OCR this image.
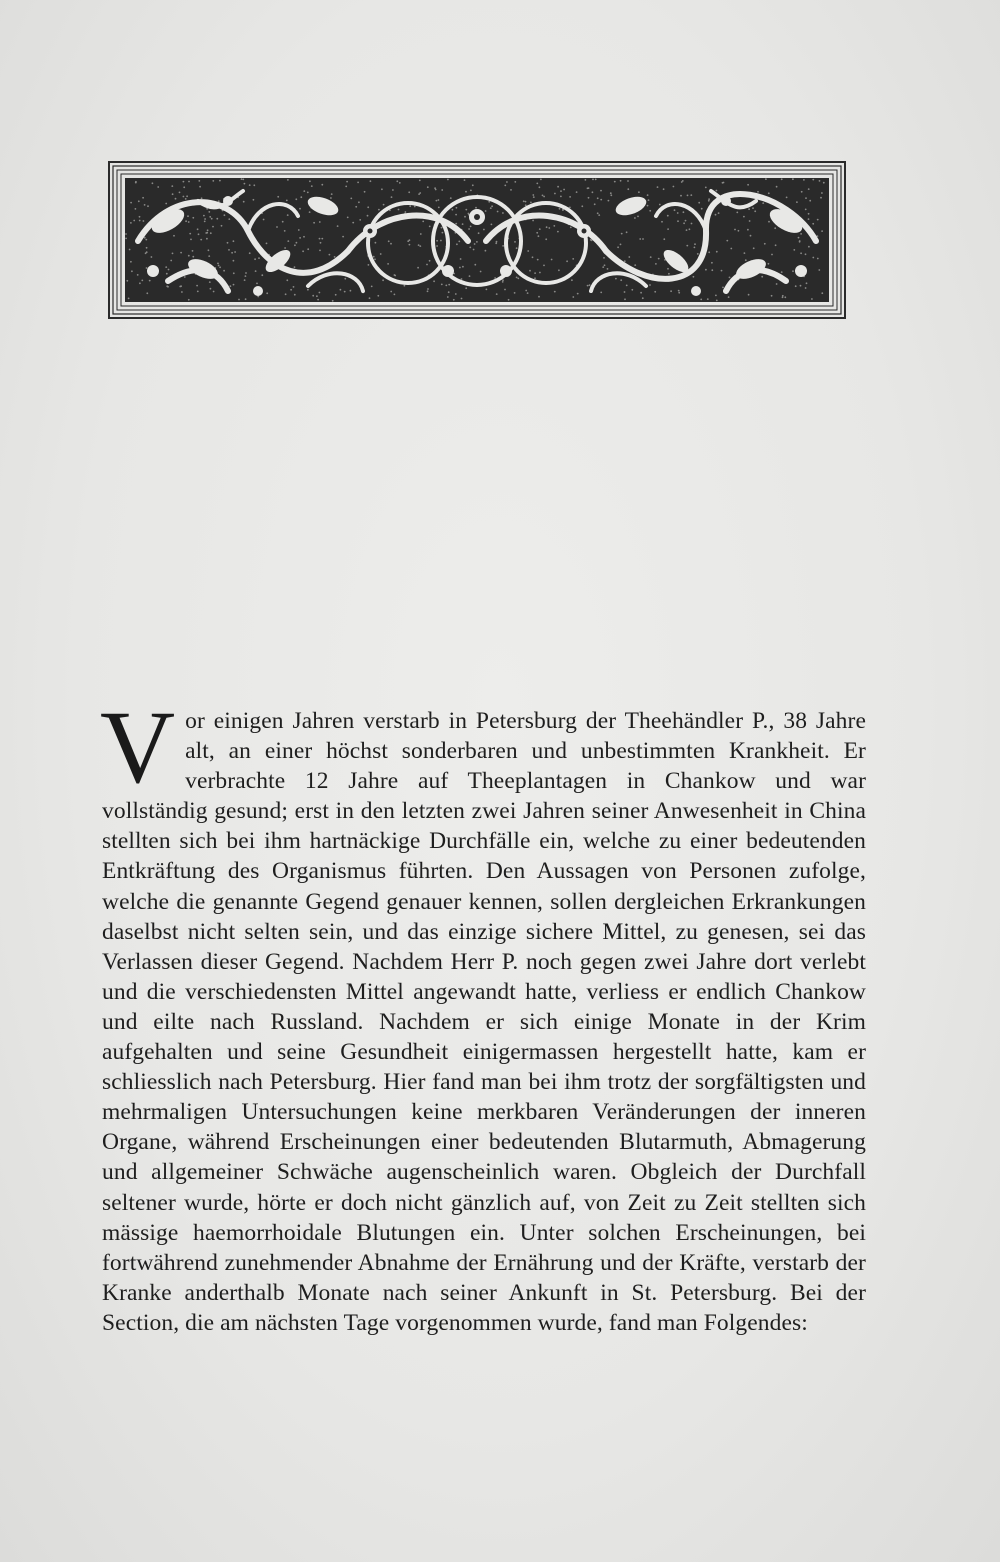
V or einigen Jahren verstarb in Petersburg der Theehändler P., 38 Jahre alt, an einer höchst sonderbaren und unbestimmten Krankheit. Er verbrachte 12 Jahre auf Theeplantagen in Chankow und war vollständig gesund; erst in den letzten zwei Jahren seiner Anwesenheit in China stellten sich bei ihm hartnäckige Durchfälle ein, welche zu einer bedeutenden Entkräftung des Organismus führten. Den Aussagen von Personen zufolge, welche die genannte Gegend genauer kennen, sollen dergleichen Erkrankungen daselbst nicht selten sein, und das einzige sichere Mittel, zu genesen, sei das Verlassen dieser Gegend. Nachdem Herr P. noch gegen zwei Jahre dort verlebt und die verschiedensten Mittel angewandt hatte, verliess er endlich Chankow und eilte nach Russland. Nachdem er sich einige Monate in der Krim aufgehalten und seine Gesundheit einigermassen hergestellt hatte, kam er schliesslich nach Petersburg. Hier fand man bei ihm trotz der sorgfältigsten und mehrmaligen Untersuchungen keine merkbaren Veränderungen der inneren Organe, während Erscheinungen einer bedeutenden Blutarmuth, Abmagerung und allgemeiner Schwäche augenscheinlich waren. Obgleich der Durchfall seltener wurde, hörte er doch nicht gänzlich auf, von Zeit zu Zeit stellten sich mässige haemorrhoidale Blutungen ein. Unter solchen Erscheinungen, bei fortwährend zunehmender Abnahme der Ernährung und der Kräfte, verstarb der Kranke anderthalb Monate nach seiner Ankunft in St. Petersburg. Bei der Section, die am nächsten Tage vorgenommen wurde, fand man Folgendes:
